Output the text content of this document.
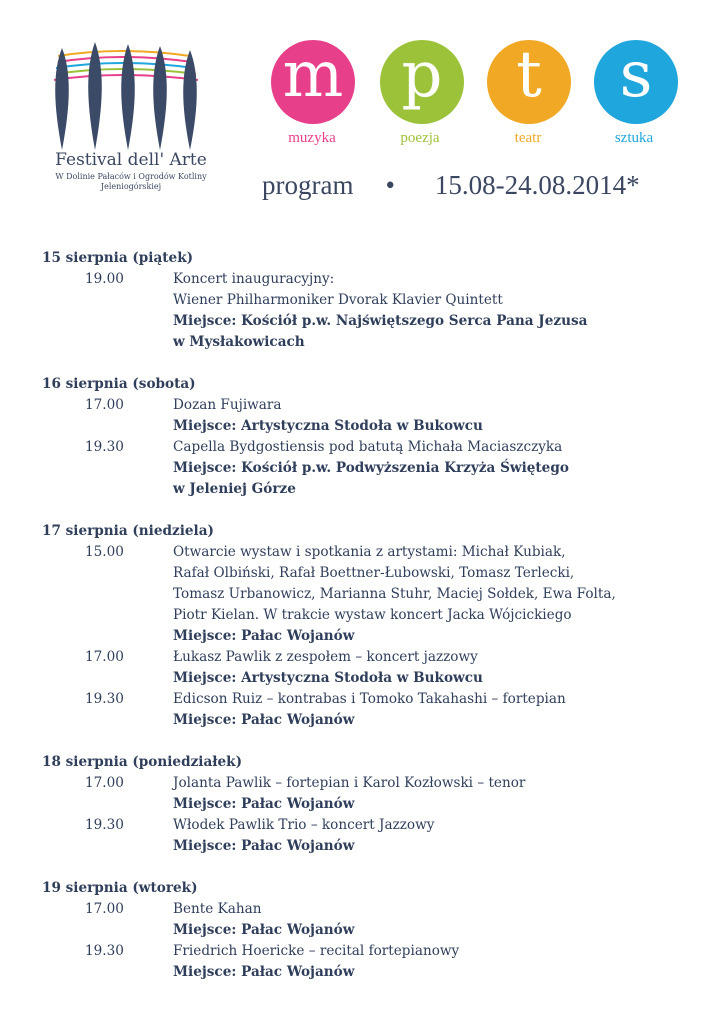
Festival dell' Arte
W Dolinie Pałaców i Ogrodów Kotliny Jeleniogórskiej
m p	t	s
muzyka	poezja	teatr	sztuka
program • 15.08-24.08.2014*
15 sierpnia (piątek)
19.00	Koncert inauguracyjny:
Wiener Philharmoniker Dvorak Klavier Quintett
Miejsce: Kościół p.w. Najświętszego Serca Pana Jezusa
w Mysłakowicach
16 sierpnia (sobota)
17.00	Dozan Fujiwara
Miejsce: Artystyczna Stodoła w Bukowcu
19.30	Capella Bydgostiensis pod batutą Michała Maciaszczyka
Miejsce: Kościół p.w. Podwyższenia Krzyża Świętego
w Jeleniej Górze
17 sierpnia (niedziela)
15.00	Otwarcie wystaw i spotkania z artystami: Michał Kubiak,
Rafał Olbiński, Rafał Boettner-Łubowski, Tomasz Terlecki,
Tomasz Urbanowicz, Marianna Stuhr, Maciej Sołdek, Ewa Folta,
Piotr Kielan. W trakcie wystaw koncert Jacka Wójcickiego
Miejsce: Pałac Wojanów
17.00	Łukasz Pawlik z zespołem – koncert jazzowy
Miejsce: Artystyczna Stodoła w Bukowcu
19.30	Edicson Ruiz – kontrabas i Tomoko Takahashi – fortepian
Miejsce: Pałac Wojanów
18 sierpnia (poniedziałek)
17.00	Jolanta Pawlik – fortepian i Karol Kozłowski – tenor
Miejsce: Pałac Wojanów
19.30	Włodek Pawlik Trio – koncert Jazzowy
Miejsce: Pałac Wojanów
19 sierpnia (wtorek)
17.00	Bente Kahan
Miejsce: Pałac Wojanów
19.30	Friedrich Hoericke – recital fortepianowy
Miejsce: Pałac Wojanów
